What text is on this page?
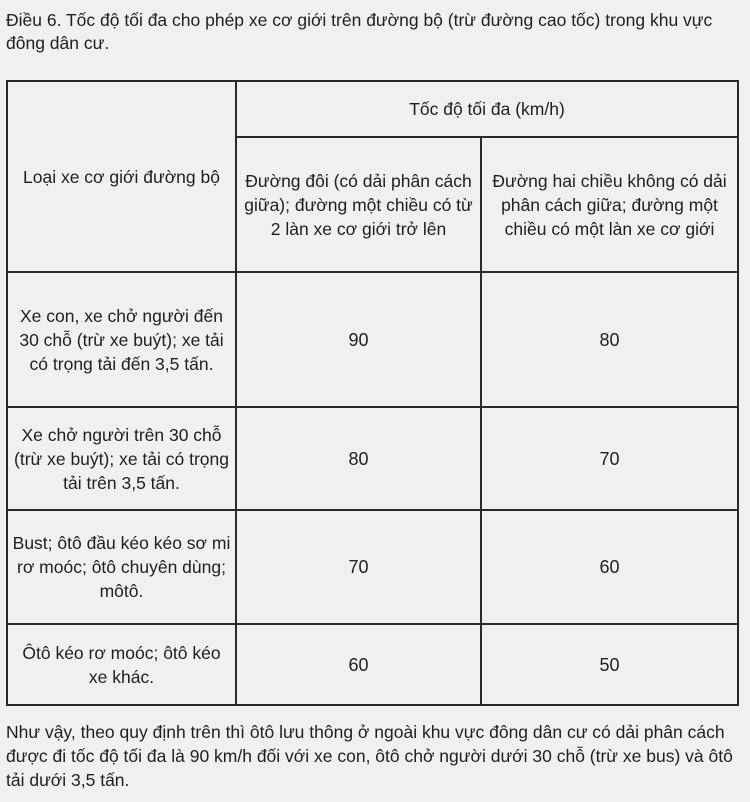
Điều 6. Tốc độ tối đa cho phép xe cơ giới trên đường bộ (trừ đường cao tốc) trong khu vực đông dân cư.

Loại xe cơ giới đường bộ	Tốc độ tối đa (km/h)	
	Đường đôi (có dải phân cách giữa); đường một chiều có từ 2 làn xe cơ giới trở lên	Đường hai chiều không có dải phân cách giữa; đường một chiều có một làn xe cơ giới
Xe con, xe chở người đến 30 chỗ (trừ xe buýt); xe tải có trọng tải đến 3,5 tấn.	90	80
Xe chở người trên 30 chỗ (trừ xe buýt); xe tải có trọng tải trên 3,5 tấn.	80	70
Bust; ôtô đầu kéo kéo sơ mi rơ moóc; ôtô chuyên dùng; môtô.	70	60
Ôtô kéo rơ moóc; ôtô kéo xe khác.	60	50

Như vậy, theo quy định trên thì ôtô lưu thông ở ngoài khu vực đông dân cư có dải phân cách được đi tốc độ tối đa là 90 km/h đối với xe con, ôtô chở người dưới 30 chỗ (trừ xe bus) và ôtô tải dưới 3,5 tấn.
